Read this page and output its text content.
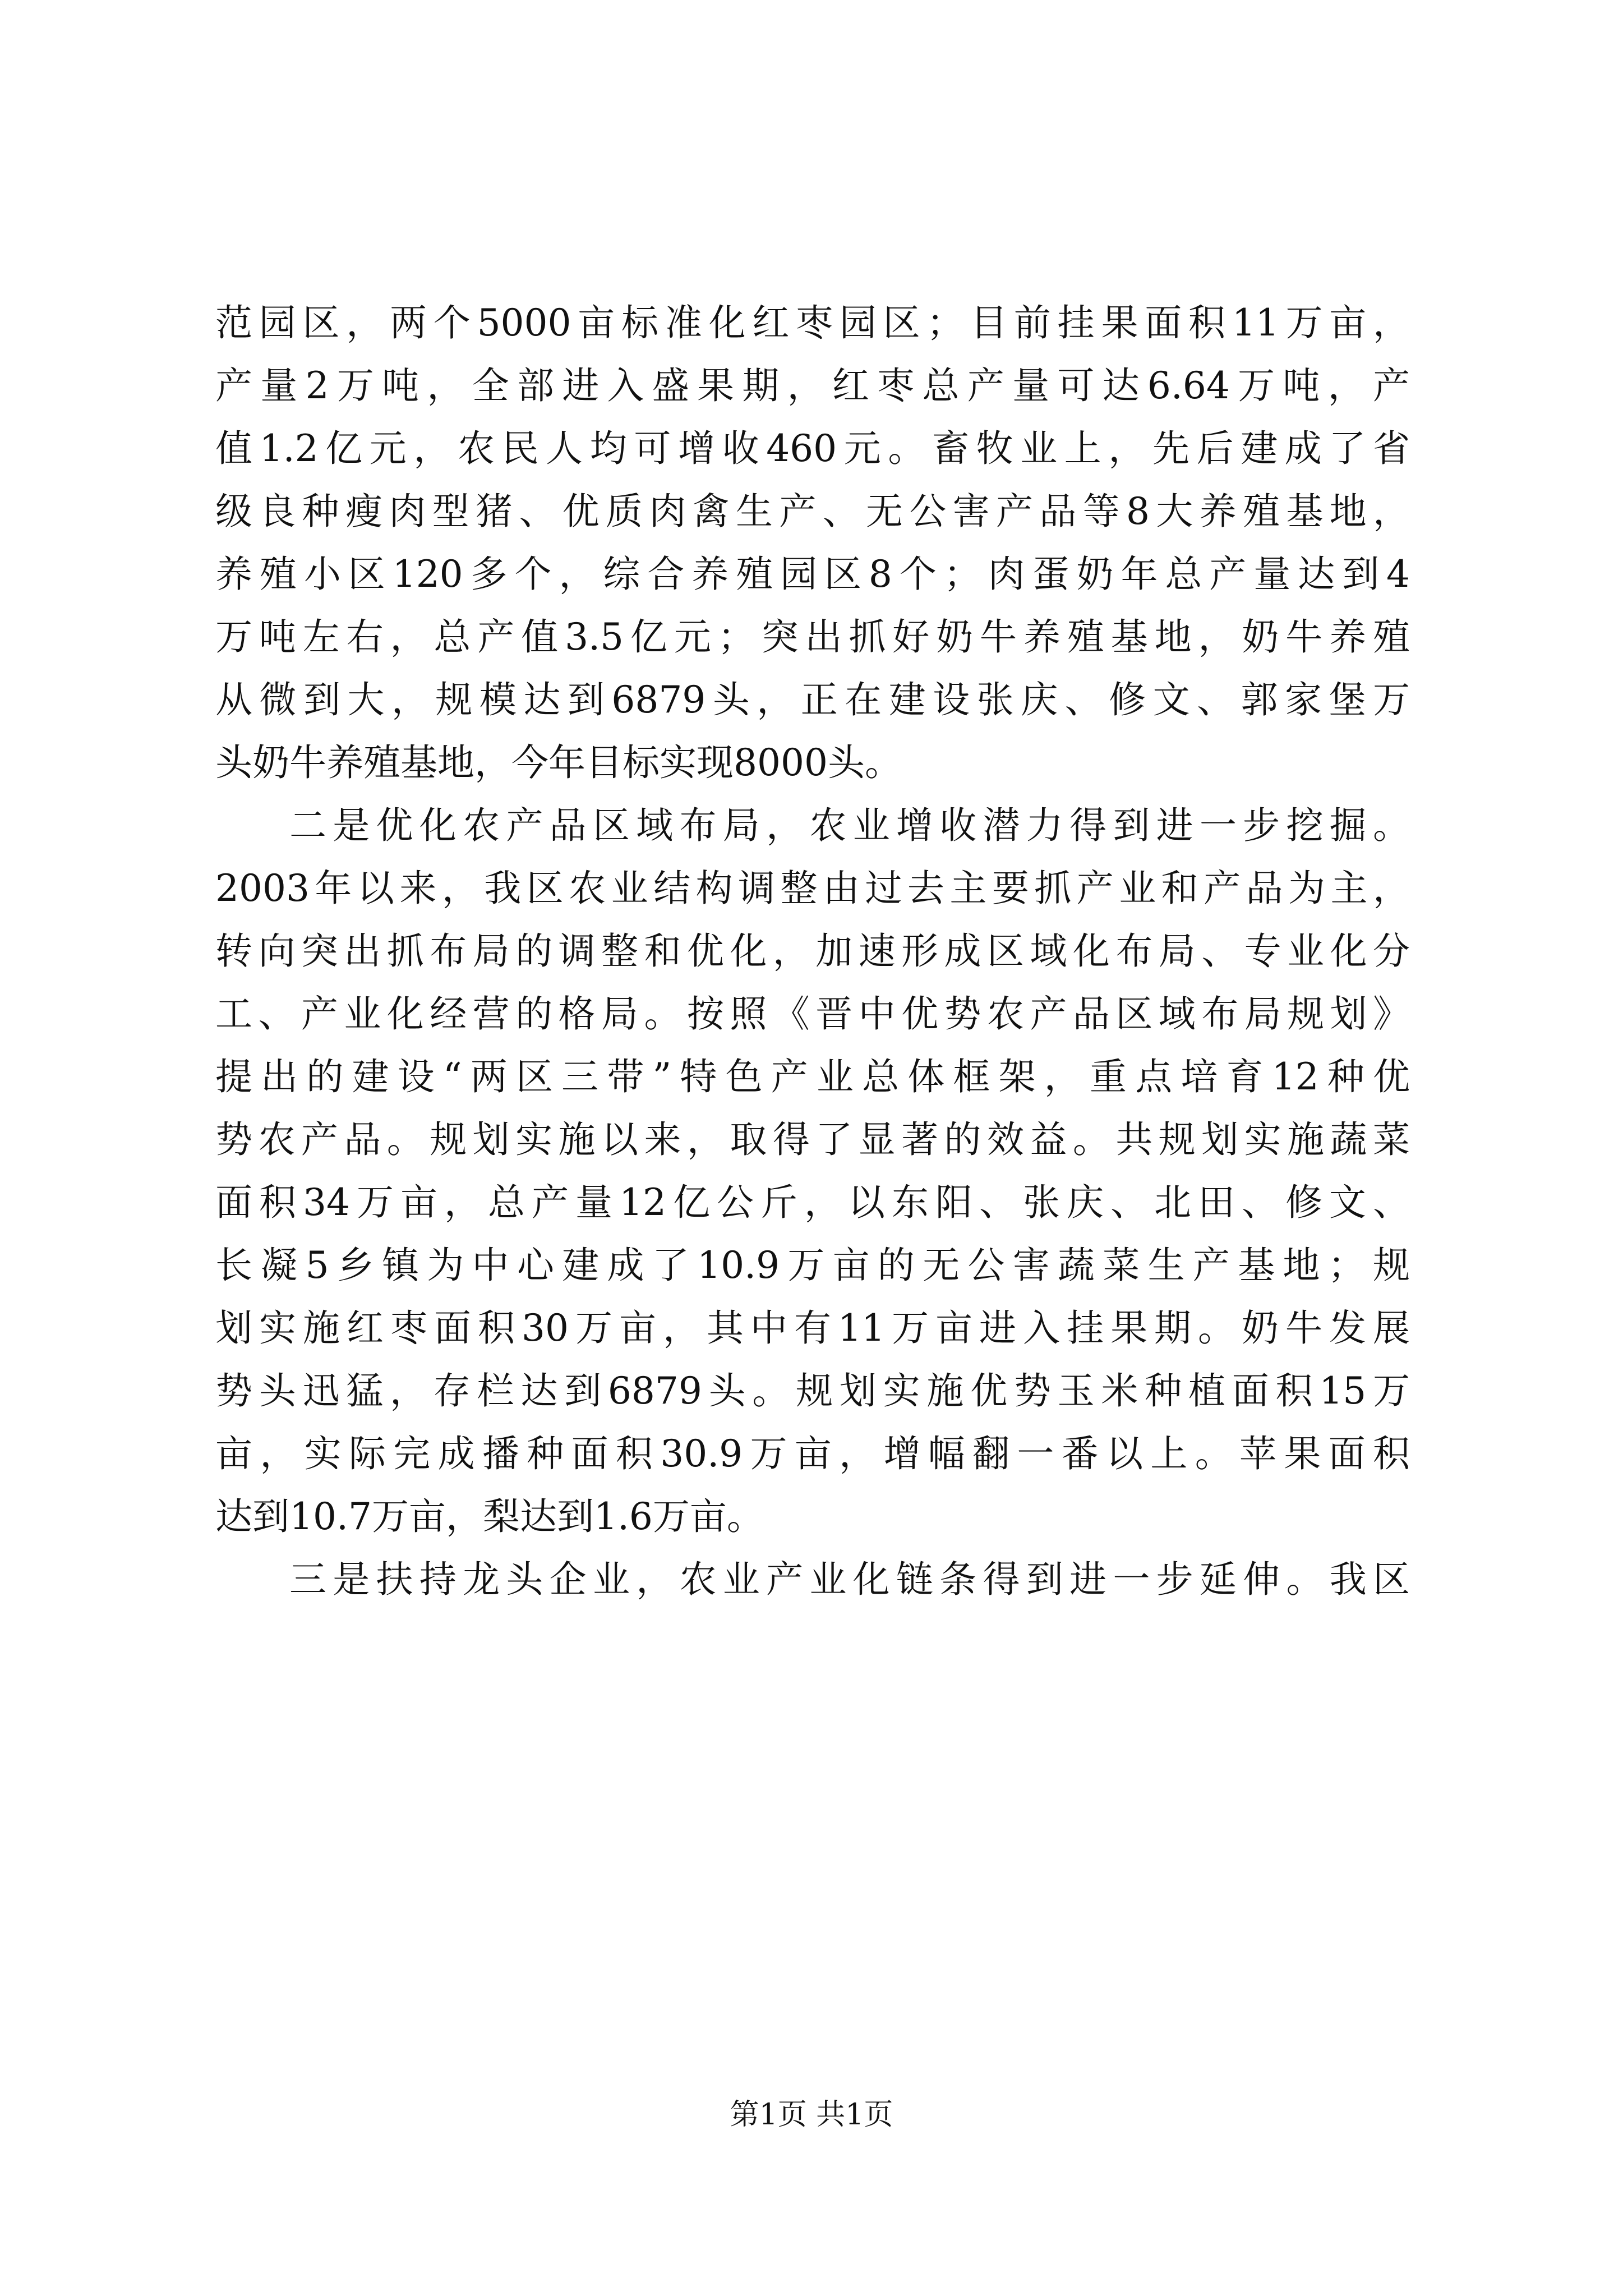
范园区，两个5000亩标准化红枣园区；目前挂果面积11万亩，
产量2万吨，全部进入盛果期，红枣总产量可达6.64万吨，产
值1.2亿元，农民人均可增收460元。畜牧业上，先后建成了省
级良种瘦肉型猪、优质肉禽生产、无公害产品等8大养殖基地，
养殖小区120多个，综合养殖园区8个；肉蛋奶年总产量达到4
万吨左右，总产值3.5亿元；突出抓好奶牛养殖基地，奶牛养殖
从微到大，规模达到6879头，正在建设张庆、修文、郭家堡万
头奶牛养殖基地，今年目标实现8000头。
二是优化农产品区域布局，农业增收潜力得到进一步挖掘。
2003年以来，我区农业结构调整由过去主要抓产业和产品为主，
转向突出抓布局的调整和优化，加速形成区域化布局、专业化分
工、产业化经营的格局。按照《晋中优势农产品区域布局规划》
提出的建设“两区三带”特色产业总体框架，重点培育12种优
势农产品。规划实施以来，取得了显著的效益。共规划实施蔬菜
面积34万亩，总产量12亿公斤，以东阳、张庆、北田、修文、
长凝5乡镇为中心建成了10.9万亩的无公害蔬菜生产基地；规
划实施红枣面积30万亩，其中有11万亩进入挂果期。奶牛发展
势头迅猛，存栏达到6879头。规划实施优势玉米种植面积15万
亩，实际完成播种面积30.9万亩，增幅翻一番以上。苹果面积
达到10.7万亩，梨达到1.6万亩。
三是扶持龙头企业，农业产业化链条得到进一步延伸。我区
第1页 共1页
